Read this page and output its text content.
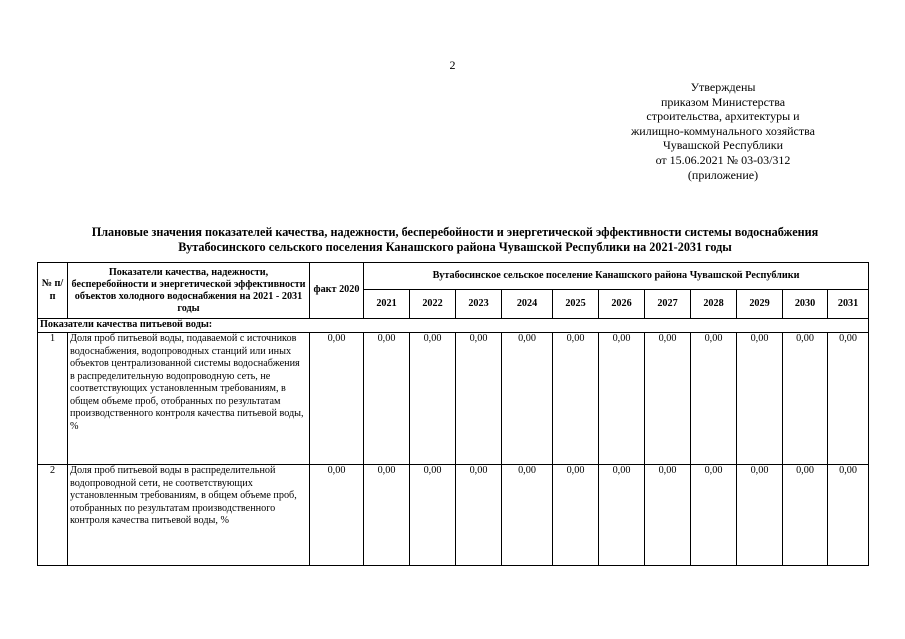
2
Утверждены
приказом Министерства
строительства, архитектуры и
жилищно-коммунального хозяйства
Чувашской Республики
от 15.06.2021 № 03-03/312
(приложение)
Плановые значения показателей качества, надежности, бесперебойности и энергетической эффективности системы водоснабжения
Вутабосинского сельского поселения Канашского района Чувашской Республики на 2021-2031 годы
№ п/п	Показатели качества, надежности, бесперебойности и энергетической эффективности объектов холодного водоснабжения на 2021 - 2031 годы	факт 2020	Вутабосинское сельское поселение Канашского района Чувашской Республики										
			2021	2022	2023	2024	2025	2026	2027	2028	2029	2030	2031
Показатели качества питьевой воды:													
1	Доля проб питьевой воды, подаваемой с источников водоснабжения, водопроводных станций или иных объектов централизованной системы водоснабжения в распределительную водопроводную сеть, не соответствующих установленным требованиям, в общем объеме проб, отобранных по результатам производственного контроля качества питьевой воды, %	0,00	0,00	0,00	0,00	0,00	0,00	0,00	0,00	0,00	0,00	0,00	0,00
2	Доля проб питьевой воды в распределительной водопроводной сети, не соответствующих установленным требованиям, в общем объеме проб, отобранных по результатам производственного контроля качества питьевой воды, %	0,00	0,00	0,00	0,00	0,00	0,00	0,00	0,00	0,00	0,00	0,00	0,00
